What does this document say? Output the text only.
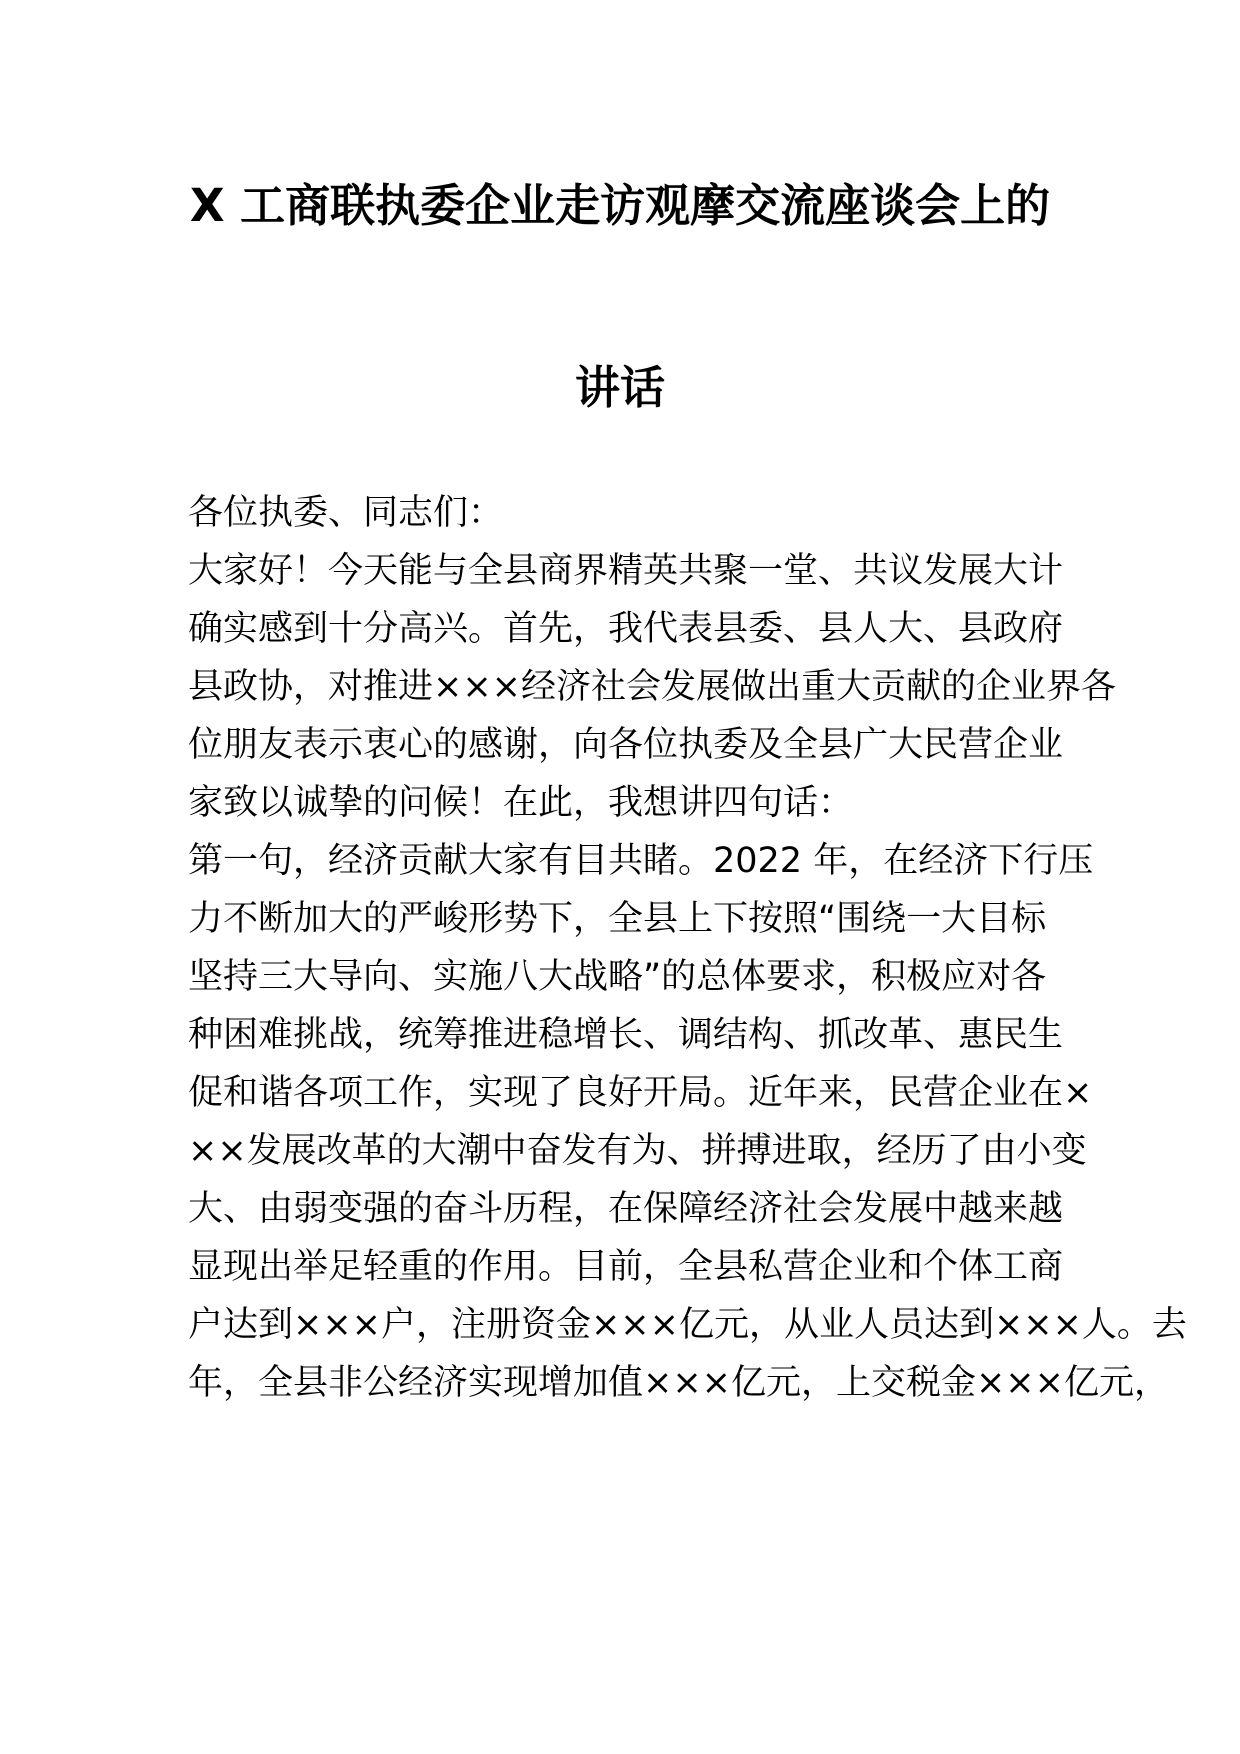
X 工商联执委企业走访观摩交流座谈会上的
讲话
各位执委、同志们：
大家好！今天能与全县商界精英共聚一堂、共议发展大计
确实感到十分高兴。首先，我代表县委、县人大、县政府
县政协，对推进×××经济社会发展做出重大贡献的企业界各
位朋友表示衷心的感谢，向各位执委及全县广大民营企业
家致以诚挚的问候！在此，我想讲四句话：
第一句，经济贡献大家有目共睹。2022 年，在经济下行压
力不断加大的严峻形势下，全县上下按照“围绕一大目标
坚持三大导向、实施八大战略”的总体要求，积极应对各
种困难挑战，统筹推进稳增长、调结构、抓改革、惠民生
促和谐各项工作，实现了良好开局。近年来，民营企业在×
××发展改革的大潮中奋发有为、拼搏进取，经历了由小变
大、由弱变强的奋斗历程，在保障经济社会发展中越来越
显现出举足轻重的作用。目前，全县私营企业和个体工商
户达到×××户，注册资金×××亿元，从业人员达到×××人。去
年，全县非公经济实现增加值×××亿元，上交税金×××亿元，
